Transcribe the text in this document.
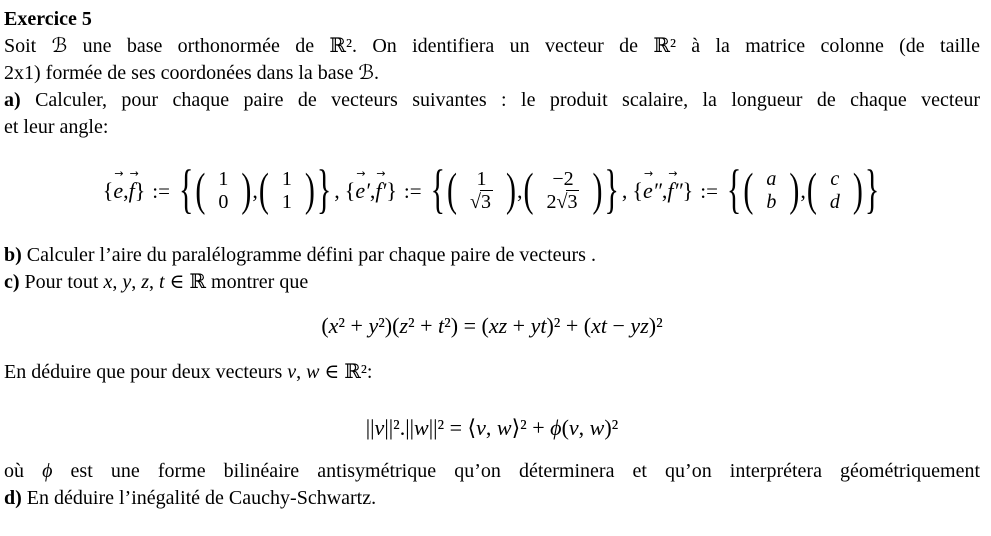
Exercice 5
Soit ℬ une base orthonormée de ℝ². On identifiera un vecteur de ℝ² à la matrice colonne (de taille
2x1) formée de ses coordonées dans la base ℬ.
a) Calculer, pour chaque paire de vecteurs suivantes : le produit scalaire, la longueur de chaque vecteur
et leur angle:
{
→
e,
→
f} := { ( 1
0 ) , ( 1
1 ) } , {
→
e′,
→
f′} := { ( 1
√3 ) , ( −2
2√3 ) } , {
→
e″,
→
f″} := { ( a
b ) , ( c
d ) }
b) Calculer l’aire du paralélogramme défini par chaque paire de vecteurs .
c) Pour tout x, y, z, t ∈ ℝ montrer que
(x² + y²)(z² + t²) = (xz + yt)² + (xt − yz)²
En déduire que pour deux vecteurs v, w ∈ ℝ²:
||v||².||w||² = ⟨v, w⟩² + ϕ(v, w)²
où ϕ est une forme bilinéaire antisymétrique qu’on déterminera et qu’on interprétera géométriquement
d) En déduire l’inégalité de Cauchy-Schwartz.
